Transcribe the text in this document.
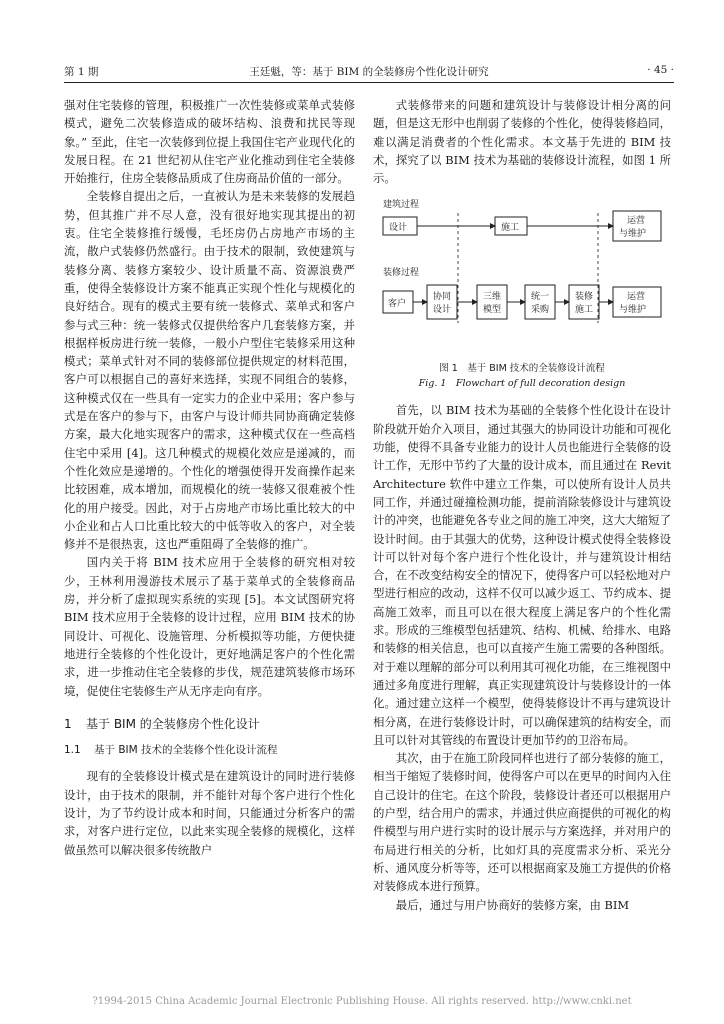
第 1 期	王廷魁，等：基于 BIM 的全装修房个性化设计研究	· 45 ·

强对住宅装修的管理，积极推广一次性装修或菜单式装修模式，避免二次装修造成的破坏结构、浪费和扰民等现象。” 至此，住宅一次装修到位提上我国住宅产业现代化的发展日程。在 21 世纪初从住宅产业化推动到住宅全装修开始推行，住房全装修品质成了住房商品价值的一部分。

全装修自提出之后，一直被认为是未来装修的发展趋势，但其推广并不尽人意，没有很好地实现其提出的初衷。住宅全装修推行缓慢，毛坯房仍占房地产市场的主流，散户式装修仍然盛行。由于技术的限制，致使建筑与装修分离、装修方案较少、设计质量不高、资源浪费严重，使得全装修设计方案不能真正实现个性化与规模化的良好结合。现有的模式主要有统一装修式、菜单式和客户参与式三种：统一装修式仅提供给客户几套装修方案，并根据样板房进行统一装修，一般小户型住宅装修采用这种模式；菜单式针对不同的装修部位提供规定的材料范围，客户可以根据自己的喜好来选择，实现不同组合的装修，这种模式仅在一些具有一定实力的企业中采用；客户参与式是在客户的参与下，由客户与设计师共同协商确定装修方案，最大化地实现客户的需求，这种模式仅在一些高档住宅中采用 [4]。这几种模式的规模化效应是递减的，而个性化效应是递增的。个性化的增强使得开发商操作起来比较困难，成本增加，而规模化的统一装修又很难被个性化的用户接受。因此，对于占房地产市场比重比较大的中小企业和占人口比重比较大的中低等收入的客户，对全装修并不是很热衷，这也严重阻碍了全装修的推广。

国内关于将 BIM 技术应用于全装修的研究相对较少，王林利用漫游技术展示了基于菜单式的全装修商品房，并分析了虚拟现实系统的实现 [5]。本文试图研究将 BIM 技术应用于全装修的设计过程，应用 BIM 技术的协同设计、可视化、设施管理、分析模拟等功能，方便快捷地进行全装修的个性化设计，更好地满足客户的个性化需求，进一步推动住宅全装修的步伐，规范建筑装修市场环境，促使住宅装修生产从无序走向有序。

1 基于 BIM 的全装修房个性化设计
1.1 基于 BIM 技术的全装修个性化设计流程

现有的全装修设计模式是在建筑设计的同时进行装修设计，由于技术的限制，并不能针对每个客户进行个性化设计，为了节约设计成本和时间，只能通过分析客户的需求，对客户进行定位，以此来实现全装修的规模化，这样做虽然可以解决很多传统散户

式装修带来的问题和建筑设计与装修设计相分离的问题，但是这无形中也削弱了装修的个性化，使得装修趋同，难以满足消费者的个性化需求。本文基于先进的 BIM 技术，探究了以 BIM 技术为基础的装修设计流程，如图 1 所示。

建筑过程
设计	施工
运营
与维护
装修过程
客户
协同
设计
三维
模型
统一
采购
装修
施工
运营
与维护
图 1　基于 BIM 技术的全装修设计流程
Fig. 1　Flowchart of full decoration design

首先，以 BIM 技术为基础的全装修个性化设计在设计阶段就开始介入项目，通过其强大的协同设计功能和可视化功能，使得不具备专业能力的设计人员也能进行全装修的设计工作，无形中节约了大量的设计成本，而且通过在 Revit Architecture 软件中建立工作集，可以使所有设计人员共同工作，并通过碰撞检测功能，提前消除装修设计与建筑设计的冲突，也能避免各专业之间的施工冲突，这大大缩短了设计时间。由于其强大的优势，这种设计模式使得全装修设计可以针对每个客户进行个性化设计，并与建筑设计相结合，在不改变结构安全的情况下，使得客户可以轻松地对户型进行相应的改动，这样不仅可以减少返工、节约成本、提高施工效率，而且可以在很大程度上满足客户的个性化需求。形成的三维模型包括建筑、结构、机械、给排水、电路和装修的相关信息，也可以直接产生施工需要的各种图纸。对于难以理解的部分可以利用其可视化功能，在三维视图中通过多角度进行理解，真正实现建筑设计与装修设计的一体化。通过建立这样一个模型，使得装修设计不再与建筑设计相分离，在进行装修设计时，可以确保建筑的结构安全，而且可以针对其管线的布置设计更加节约的卫浴布局。

其次，由于在施工阶段同样也进行了部分装修的施工，相当于缩短了装修时间，使得客户可以在更早的时间内入住自己设计的住宅。在这个阶段，装修设计者还可以根据用户的户型，结合用户的需求，并通过供应商提供的可视化的构件模型与用户进行实时的设计展示与方案选择，并对用户的布局进行相关的分析，比如灯具的亮度需求分析、采光分析、通风度分析等等，还可以根据商家及施工方提供的价格对装修成本进行预算。

最后，通过与用户协商好的装修方案，由 BIM

?1994-2015 China Academic Journal Electronic Publishing House. All rights reserved. http://www.cnki.net
